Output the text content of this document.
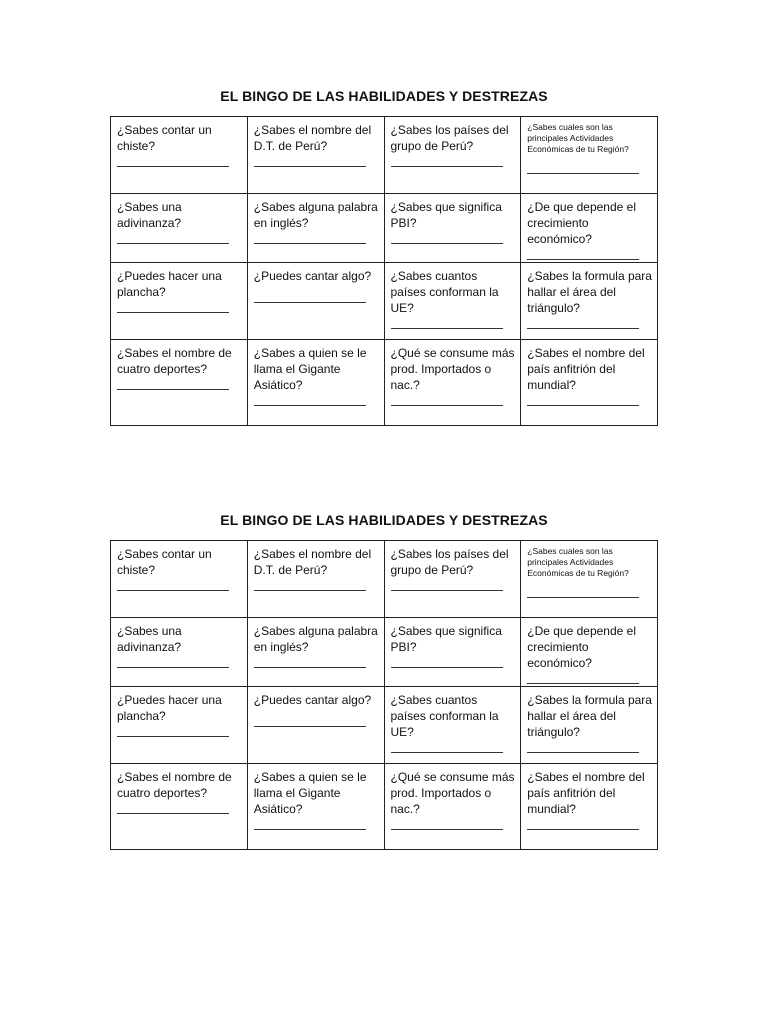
EL BINGO DE LAS HABILIDADES Y DESTREZAS
¿Sabes contar un chiste?	¿Sabes el nombre del D.T. de Perú?	¿Sabes los países del grupo de Perú?	¿Sabes cuales son las principales Actividades Económicas de tu Región?

¿Sabes una adivinanza?	¿Sabes alguna palabra en inglés?	¿Sabes que significa PBI?	¿De que depende el crecimiento económico?

¿Puedes hacer una plancha?	¿Puedes cantar algo?	¿Sabes cuantos países conforman la UE?	¿Sabes la formula para hallar el área del triángulo?

¿Sabes el nombre de cuatro deportes?	¿Sabes a quien se le llama el Gigante Asiático?	¿Qué se consume más prod. Importados o nac.?	¿Sabes el nombre del país anfitrión del mundial?
EL BINGO DE LAS HABILIDADES Y DESTREZAS
¿Sabes contar un chiste?	¿Sabes el nombre del D.T. de Perú?	¿Sabes los países del grupo de Perú?	¿Sabes cuales son las principales Actividades Económicas de tu Región?

¿Sabes una adivinanza?	¿Sabes alguna palabra en inglés?	¿Sabes que significa PBI?	¿De que depende el crecimiento económico?

¿Puedes hacer una plancha?	¿Puedes cantar algo?	¿Sabes cuantos países conforman la UE?	¿Sabes la formula para hallar el área del triángulo?

¿Sabes el nombre de cuatro deportes?	¿Sabes a quien se le llama el Gigante Asiático?	¿Qué se consume más prod. Importados o nac.?	¿Sabes el nombre del país anfitrión del mundial?
